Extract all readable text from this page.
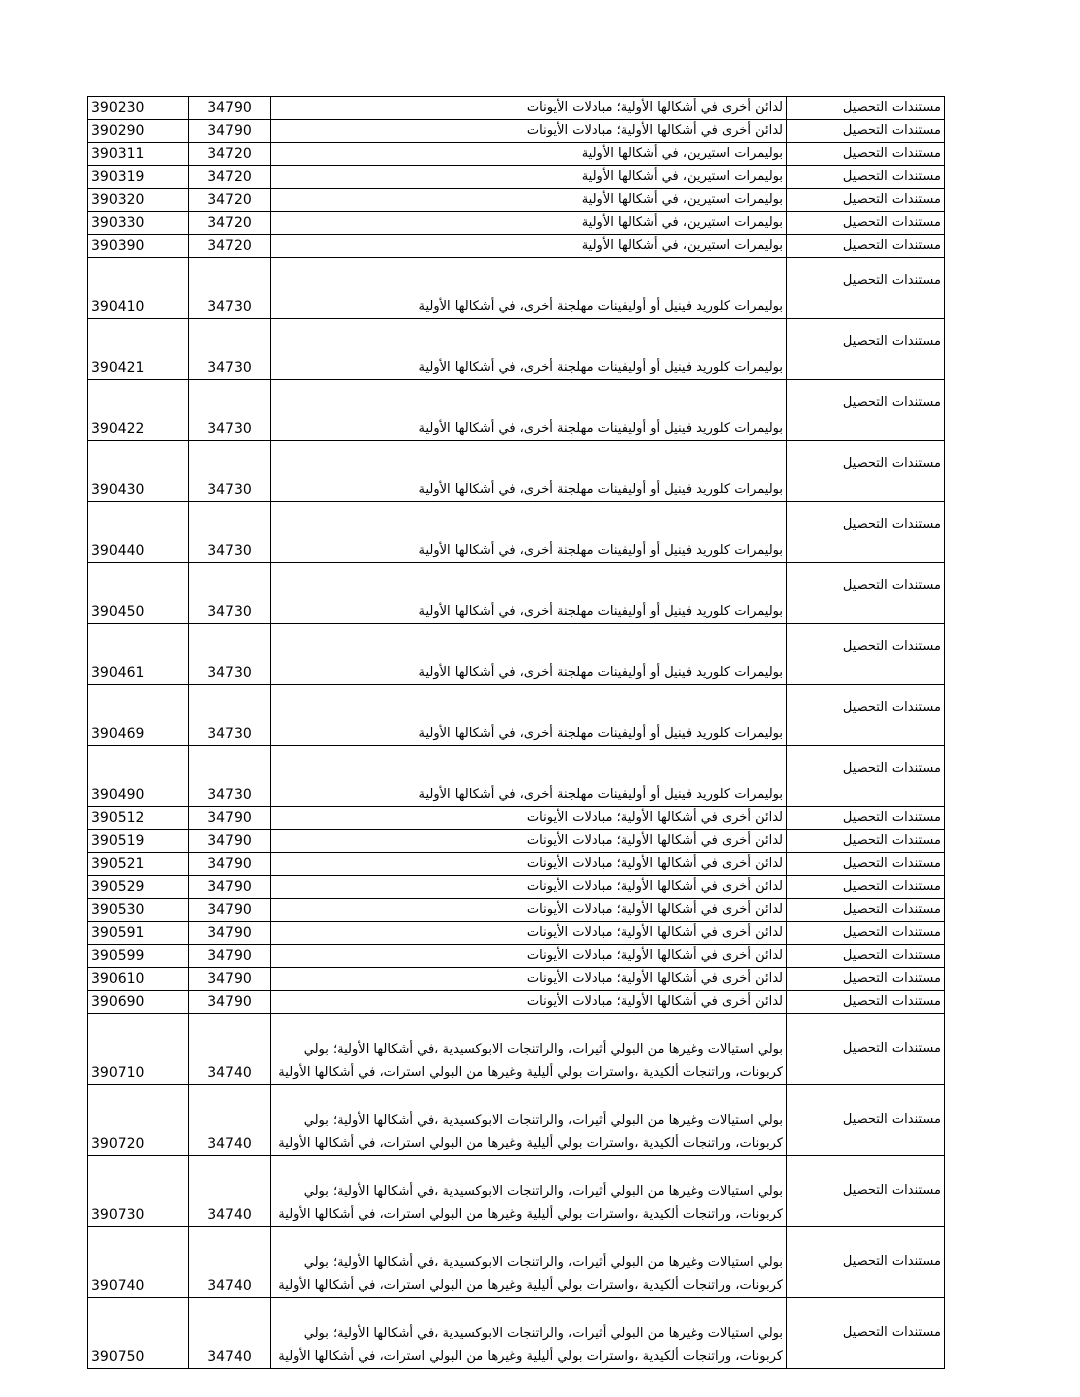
390230	34790	لدائن أخرى في أشكالها الأولية؛ مبادلات الأيونات	مستندات التحصيل
390290	34790	لدائن أخرى في أشكالها الأولية؛ مبادلات الأيونات	مستندات التحصيل
390311	34720	بوليمرات استيرين، في أشكالها الأولية	مستندات التحصيل
390319	34720	بوليمرات استيرين، في أشكالها الأولية	مستندات التحصيل
390320	34720	بوليمرات استيرين، في أشكالها الأولية	مستندات التحصيل
390330	34720	بوليمرات استيرين، في أشكالها الأولية	مستندات التحصيل
390390	34720	بوليمرات استيرين، في أشكالها الأولية	مستندات التحصيل
390410	34730	بوليمرات كلوريد فينيل أو أوليفينات مهلجنة أخرى، في أشكالها الأولية	مستندات التحصيل
390421	34730	بوليمرات كلوريد فينيل أو أوليفينات مهلجنة أخرى، في أشكالها الأولية	مستندات التحصيل
390422	34730	بوليمرات كلوريد فينيل أو أوليفينات مهلجنة أخرى، في أشكالها الأولية	مستندات التحصيل
390430	34730	بوليمرات كلوريد فينيل أو أوليفينات مهلجنة أخرى، في أشكالها الأولية	مستندات التحصيل
390440	34730	بوليمرات كلوريد فينيل أو أوليفينات مهلجنة أخرى، في أشكالها الأولية	مستندات التحصيل
390450	34730	بوليمرات كلوريد فينيل أو أوليفينات مهلجنة أخرى، في أشكالها الأولية	مستندات التحصيل
390461	34730	بوليمرات كلوريد فينيل أو أوليفينات مهلجنة أخرى، في أشكالها الأولية	مستندات التحصيل
390469	34730	بوليمرات كلوريد فينيل أو أوليفينات مهلجنة أخرى، في أشكالها الأولية	مستندات التحصيل
390490	34730	بوليمرات كلوريد فينيل أو أوليفينات مهلجنة أخرى، في أشكالها الأولية	مستندات التحصيل
390512	34790	لدائن أخرى في أشكالها الأولية؛ مبادلات الأيونات	مستندات التحصيل
390519	34790	لدائن أخرى في أشكالها الأولية؛ مبادلات الأيونات	مستندات التحصيل
390521	34790	لدائن أخرى في أشكالها الأولية؛ مبادلات الأيونات	مستندات التحصيل
390529	34790	لدائن أخرى في أشكالها الأولية؛ مبادلات الأيونات	مستندات التحصيل
390530	34790	لدائن أخرى في أشكالها الأولية؛ مبادلات الأيونات	مستندات التحصيل
390591	34790	لدائن أخرى في أشكالها الأولية؛ مبادلات الأيونات	مستندات التحصيل
390599	34790	لدائن أخرى في أشكالها الأولية؛ مبادلات الأيونات	مستندات التحصيل
390610	34790	لدائن أخرى في أشكالها الأولية؛ مبادلات الأيونات	مستندات التحصيل
390690	34790	لدائن أخرى في أشكالها الأولية؛ مبادلات الأيونات	مستندات التحصيل
390710	34740	بولي استيالات وغيرها من البولي أثيرات، والراتنجات الابوكسيدية ،في أشكالها الأولية؛ بولي كربونات، وراتنجات ألكيدية ،واسترات بولي أليلية وغيرها من البولي استرات، في أشكالها الأولية	مستندات التحصيل
390720	34740	بولي استيالات وغيرها من البولي أثيرات، والراتنجات الابوكسيدية ،في أشكالها الأولية؛ بولي كربونات، وراتنجات ألكيدية ،واسترات بولي أليلية وغيرها من البولي استرات، في أشكالها الأولية	مستندات التحصيل
390730	34740	بولي استيالات وغيرها من البولي أثيرات، والراتنجات الابوكسيدية ،في أشكالها الأولية؛ بولي كربونات، وراتنجات ألكيدية ،واسترات بولي أليلية وغيرها من البولي استرات، في أشكالها الأولية	مستندات التحصيل
390740	34740	بولي استيالات وغيرها من البولي أثيرات، والراتنجات الابوكسيدية ،في أشكالها الأولية؛ بولي كربونات، وراتنجات ألكيدية ،واسترات بولي أليلية وغيرها من البولي استرات، في أشكالها الأولية	مستندات التحصيل
390750	34740	بولي استيالات وغيرها من البولي أثيرات، والراتنجات الابوكسيدية ،في أشكالها الأولية؛ بولي كربونات، وراتنجات ألكيدية ،واسترات بولي أليلية وغيرها من البولي استرات، في أشكالها الأولية	مستندات التحصيل
